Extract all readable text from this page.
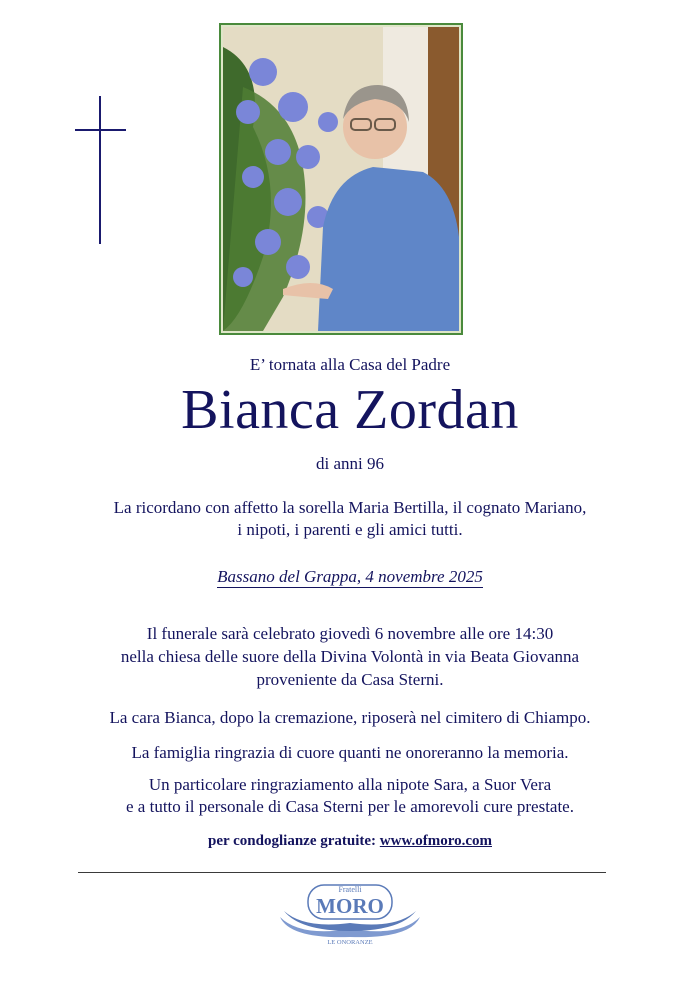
E’ tornata alla Casa del Padre
Bianca Zordan
di anni 96
La ricordano con affetto la sorella Maria Bertilla, il cognato Mariano,
i nipoti, i parenti e gli amici tutti.
Bassano del Grappa, 4 novembre 2025
Il funerale sarà celebrato giovedì 6 novembre alle ore 14:30
nella chiesa delle suore della Divina Volontà in via Beata Giovanna
proveniente da Casa Sterni.
La cara Bianca, dopo la cremazione, riposerà nel cimitero di Chiampo.
La famiglia ringrazia di cuore quanti ne onoreranno la memoria.
Un particolare ringraziamento alla nipote Sara, a Suor Vera
e a tutto il personale di Casa Sterni per le amorevoli cure prestate.
per condoglianze gratuite: www.ofmoro.com
Fratelli
MORO
LE ONORANZE
